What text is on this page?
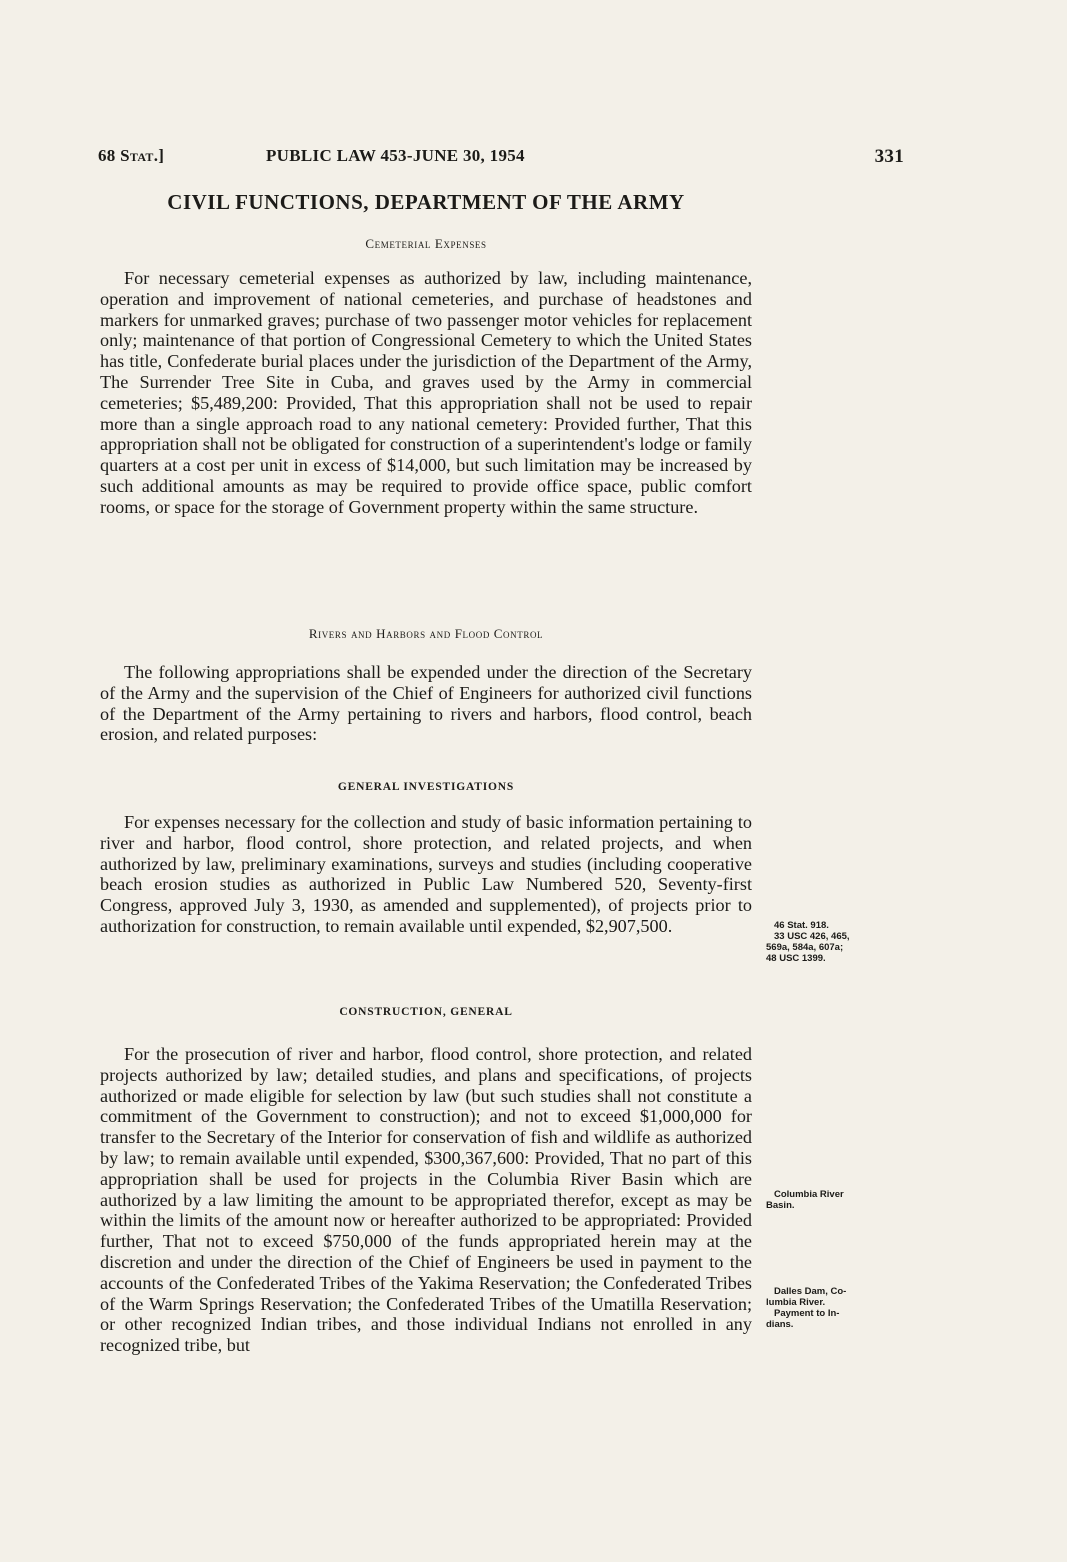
68 Stat.]	PUBLIC LAW 453-JUNE 30, 1954	331
CIVIL FUNCTIONS, DEPARTMENT OF THE ARMY
Cemeterial Expenses

For necessary cemeterial expenses as authorized by law, including maintenance, operation and improvement of national cemeteries, and purchase of headstones and markers for unmarked graves; purchase of two passenger motor vehicles for replacement only; maintenance of that portion of Congressional Cemetery to which the United States has title, Confederate burial places under the jurisdiction of the Department of the Army, The Surrender Tree Site in Cuba, and graves used by the Army in commercial cemeteries; $5,489,200: Provided, That this appropriation shall not be used to repair more than a single approach road to any national cemetery: Provided further, That this appropriation shall not be obligated for construction of a superintendent's lodge or family quarters at a cost per unit in excess of $14,000, but such limitation may be increased by such additional amounts as may be required to provide office space, public comfort rooms, or space for the storage of Government property within the same structure.

Rivers and Harbors and Flood Control

The following appropriations shall be expended under the direction of the Secretary of the Army and the supervision of the Chief of Engineers for authorized civil functions of the Department of the Army pertaining to rivers and harbors, flood control, beach erosion, and related purposes:

GENERAL INVESTIGATIONS

For expenses necessary for the collection and study of basic information pertaining to river and harbor, flood control, shore protection, and related projects, and when authorized by law, preliminary examinations, surveys and studies (including cooperative beach erosion studies as authorized in Public Law Numbered 520, Seventy-first Congress, approved July 3, 1930, as amended and supplemented), of projects prior to authorization for construction, to remain available until expended, $2,907,500.

CONSTRUCTION, GENERAL

For the prosecution of river and harbor, flood control, shore protection, and related projects authorized by law; detailed studies, and plans and specifications, of projects authorized or made eligible for selection by law (but such studies shall not constitute a commitment of the Government to construction); and not to exceed $1,000,000 for transfer to the Secretary of the Interior for conservation of fish and wildlife as authorized by law; to remain available until expended, $300,367,600: Provided, That no part of this appropriation shall be used for projects in the Columbia River Basin which are authorized by a law limiting the amount to be appropriated therefor, except as may be within the limits of the amount now or hereafter authorized to be appropriated: Provided further, That not to exceed $750,000 of the funds appropriated herein may at the discretion and under the direction of the Chief of Engineers be used in payment to the accounts of the Confederated Tribes of the Yakima Reservation; the Confederated Tribes of the Warm Springs Reservation; the Confederated Tribes of the Umatilla Reservation; or other recognized Indian tribes, and those individual Indians not enrolled in any recognized tribe, but

46 Stat. 918.
33 USC 426, 465,
569a, 584a, 607a;
48 USC 1399.
Columbia River
Basin.
Dalles Dam, Co-
lumbia River.
Payment to In-
dians.
